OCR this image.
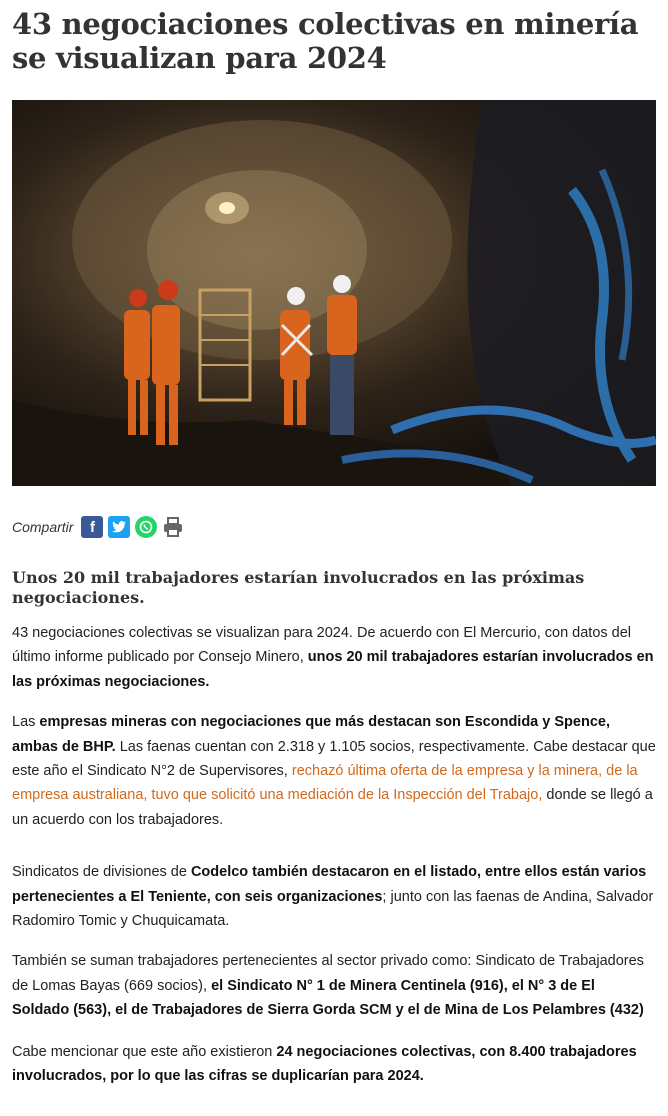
43 negociaciones colectivas en minería se visualizan para 2024
Compartir	f
Unos 20 mil trabajadores estarían involucrados en las próximas negociaciones.

43 negociaciones colectivas se visualizan para 2024. De acuerdo con El Mercurio, con datos del último informe publicado por Consejo Minero, unos 20 mil trabajadores estarían involucrados en las próximas negociaciones.

Las empresas mineras con negociaciones que más destacan son Escondida y Spence, ambas de BHP. Las faenas cuentan con 2.318 y 1.105 socios, respectivamente. Cabe destacar que este año el Sindicato N°2 de Supervisores, rechazó última oferta de la empresa y la minera, de la empresa australiana, tuvo que solicitó una mediación de la Inspección del Trabajo, donde se llegó a un acuerdo con los trabajadores.

Sindicatos de divisiones de Codelco también destacaron en el listado, entre ellos están varios pertenecientes a El Teniente, con seis organizaciones; junto con las faenas de Andina, Salvador Radomiro Tomic y Chuquicamata.

También se suman trabajadores pertenecientes al sector privado como: Sindicato de Trabajadores de Lomas Bayas (669 socios), el Sindicato N° 1 de Minera Centinela (916), el N° 3 de El Soldado (563), el de Trabajadores de Sierra Gorda SCM y el de Mina de Los Pelambres (432)

Cabe mencionar que este año existieron 24 negociaciones colectivas, con 8.400 trabajadores involucrados, por lo que las cifras se duplicarían para 2024.
